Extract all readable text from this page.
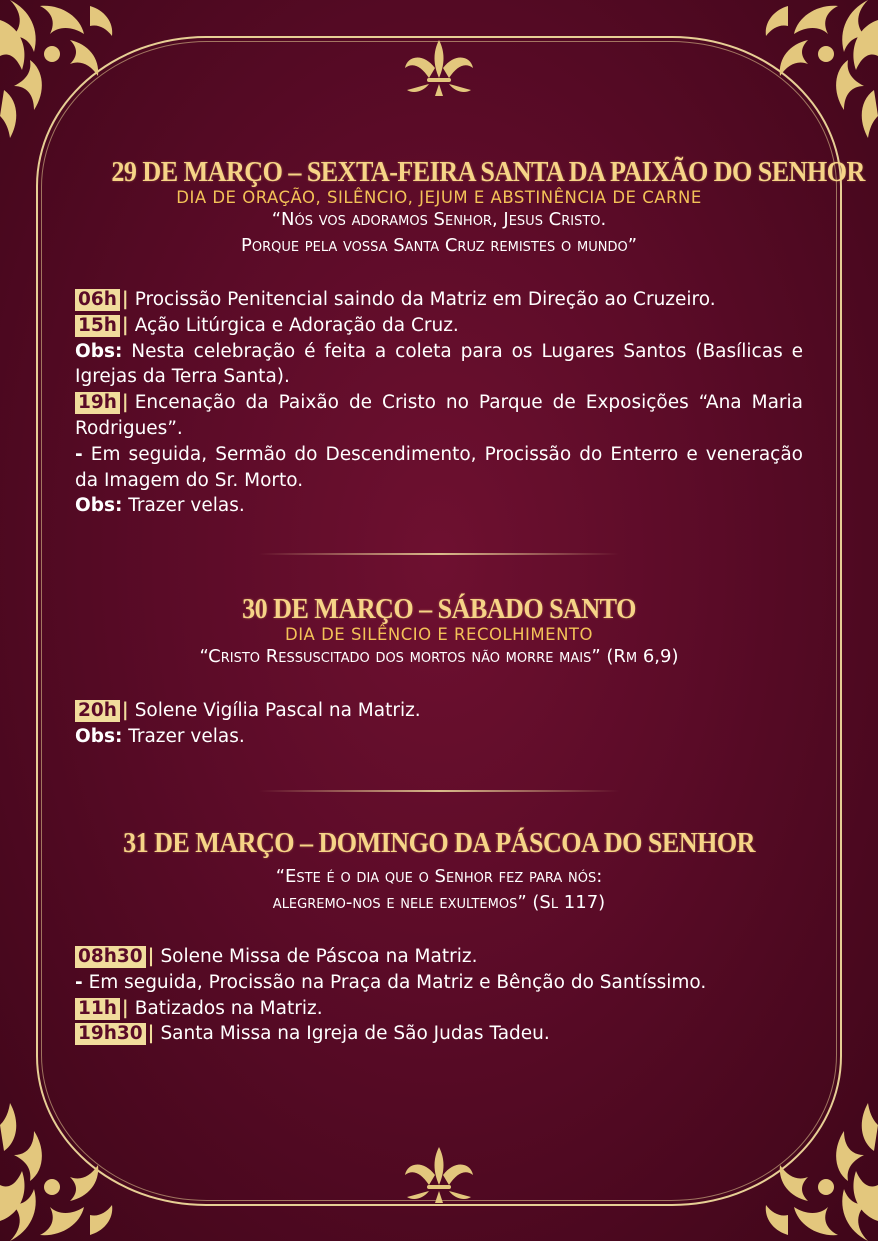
29 DE MARÇO – SEXTA-FEIRA SANTA DA PAIXÃO DO SENHOR
DIA DE ORAÇÃO, SILÊNCIO, JEJUM E ABSTINÊNCIA DE CARNE
“Nós vos adoramos Senhor, Jesus Cristo.
Porque pela vossa Santa Cruz remistes o mundo”

06h | Procissão Penitencial saindo da Matriz em Direção ao Cruzeiro.

15h | Ação Litúrgica e Adoração da Cruz.

Obs: Nesta celebração é feita a coleta para os Lugares Santos (Basílicas e Igrejas da Terra Santa).

19h | Encenação da Paixão de Cristo no Parque de Exposições “Ana Maria Rodrigues”.

- Em seguida, Sermão do Descendimento, Procissão do Enterro e veneração da Imagem do Sr. Morto.

Obs: Trazer velas.

30 DE MARÇO – SÁBADO SANTO
DIA DE SILÊNCIO E RECOLHIMENTO
“Cristo Ressuscitado dos mortos não morre mais” (Rm 6,9)

20h | Solene Vigília Pascal na Matriz.

Obs: Trazer velas.

31 DE MARÇO – DOMINGO DA PÁSCOA DO SENHOR
“Este é o dia que o Senhor fez para nós:
alegremo-nos e nele exultemos” (Sl 117)

08h30 | Solene Missa de Páscoa na Matriz.

- Em seguida, Procissão na Praça da Matriz e Bênção do Santíssimo.

11h | Batizados na Matriz.

19h30 | Santa Missa na Igreja de São Judas Tadeu.
